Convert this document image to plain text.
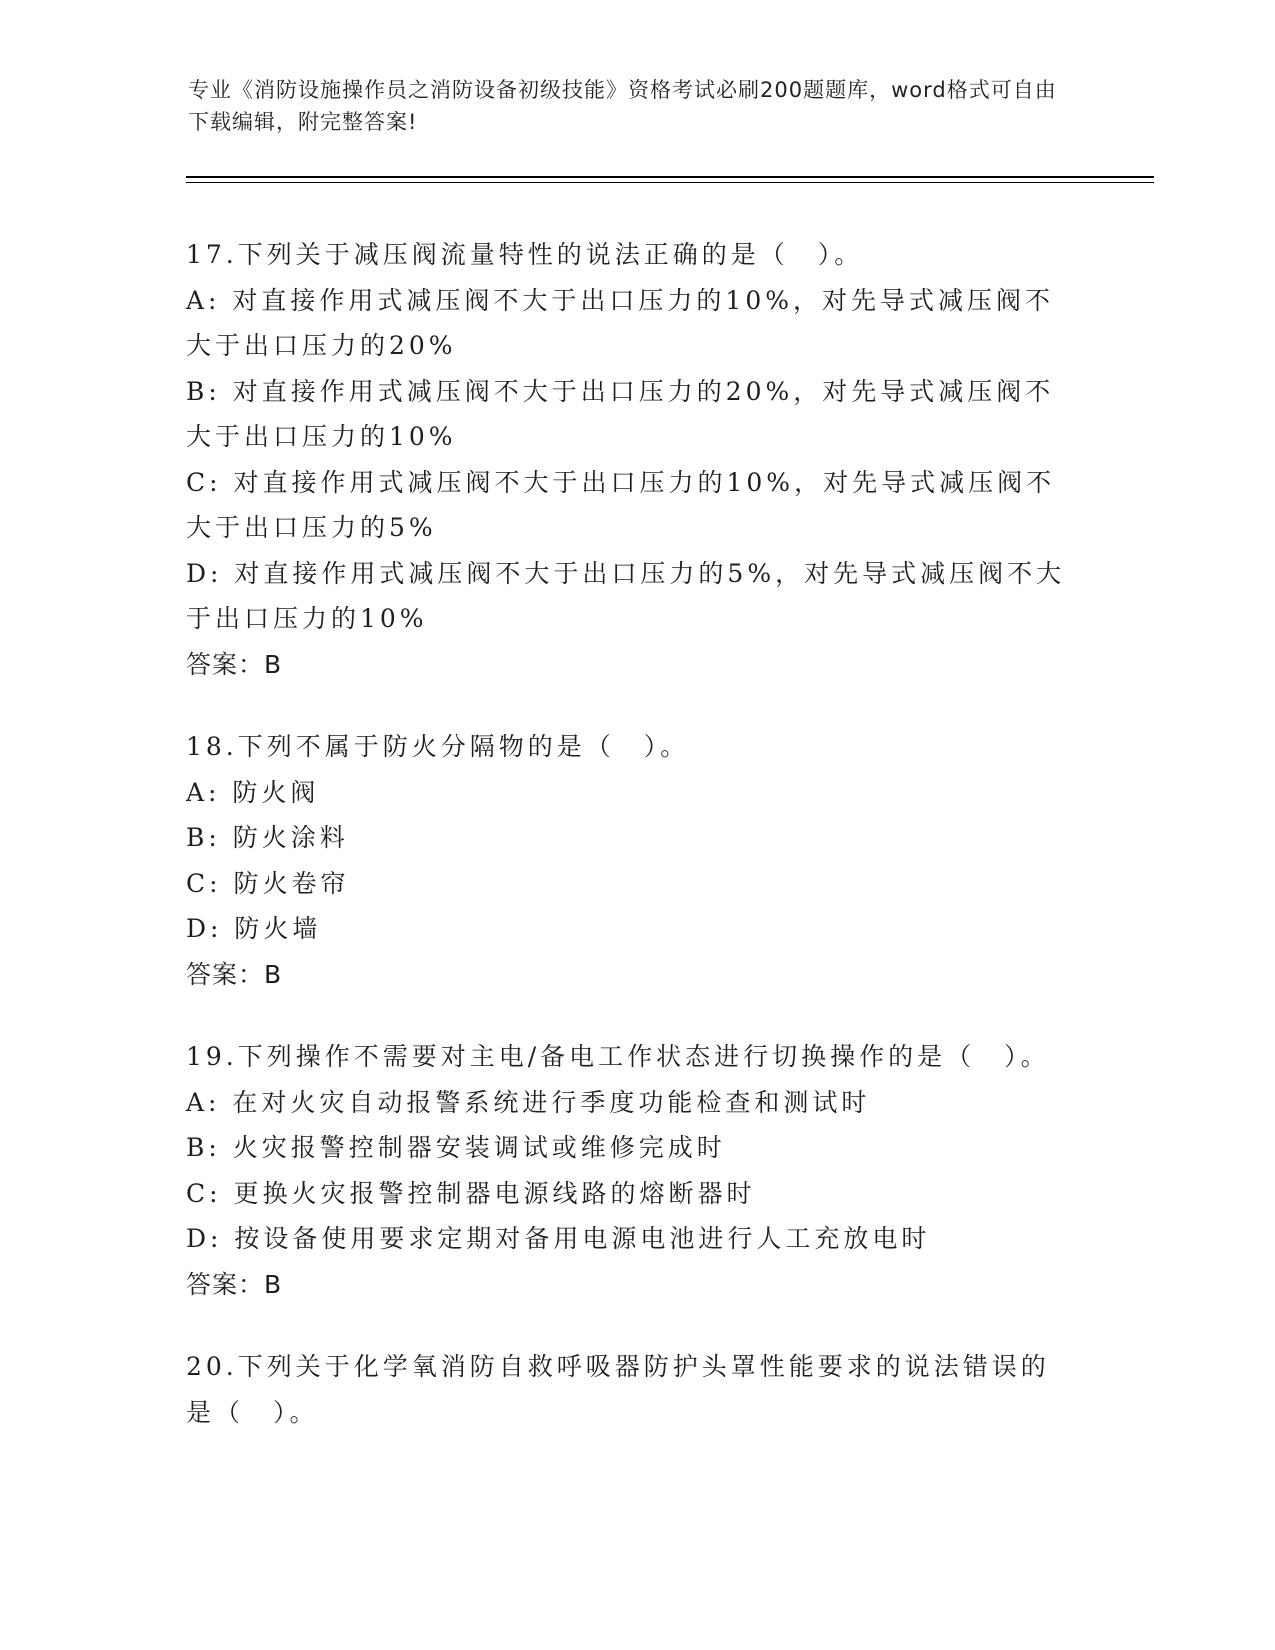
专业《消防设施操作员之消防设备初级技能》资格考试必刷200题题库，word格式可自由下载编辑，附完整答案!

17.下列关于减压阀流量特性的说法正确的是（　）。

A: 对直接作用式减压阀不大于出口压力的10%，对先导式减压阀不大于出口压力的20%

B: 对直接作用式减压阀不大于出口压力的20%，对先导式减压阀不大于出口压力的10%

C: 对直接作用式减压阀不大于出口压力的10%，对先导式减压阀不大于出口压力的5%

D: 对直接作用式减压阀不大于出口压力的5%，对先导式减压阀不大于出口压力的10%

答案：B

18.下列不属于防火分隔物的是（　）。

A: 防火阀

B: 防火涂料

C: 防火卷帘

D: 防火墙

答案：B

19.下列操作不需要对主电/备电工作状态进行切换操作的是（　）。

A: 在对火灾自动报警系统进行季度功能检查和测试时

B: 火灾报警控制器安装调试或维修完成时

C: 更换火灾报警控制器电源线路的熔断器时

D: 按设备使用要求定期对备用电源电池进行人工充放电时

答案：B

20.下列关于化学氧消防自救呼吸器防护头罩性能要求的说法错误的是（　）。
